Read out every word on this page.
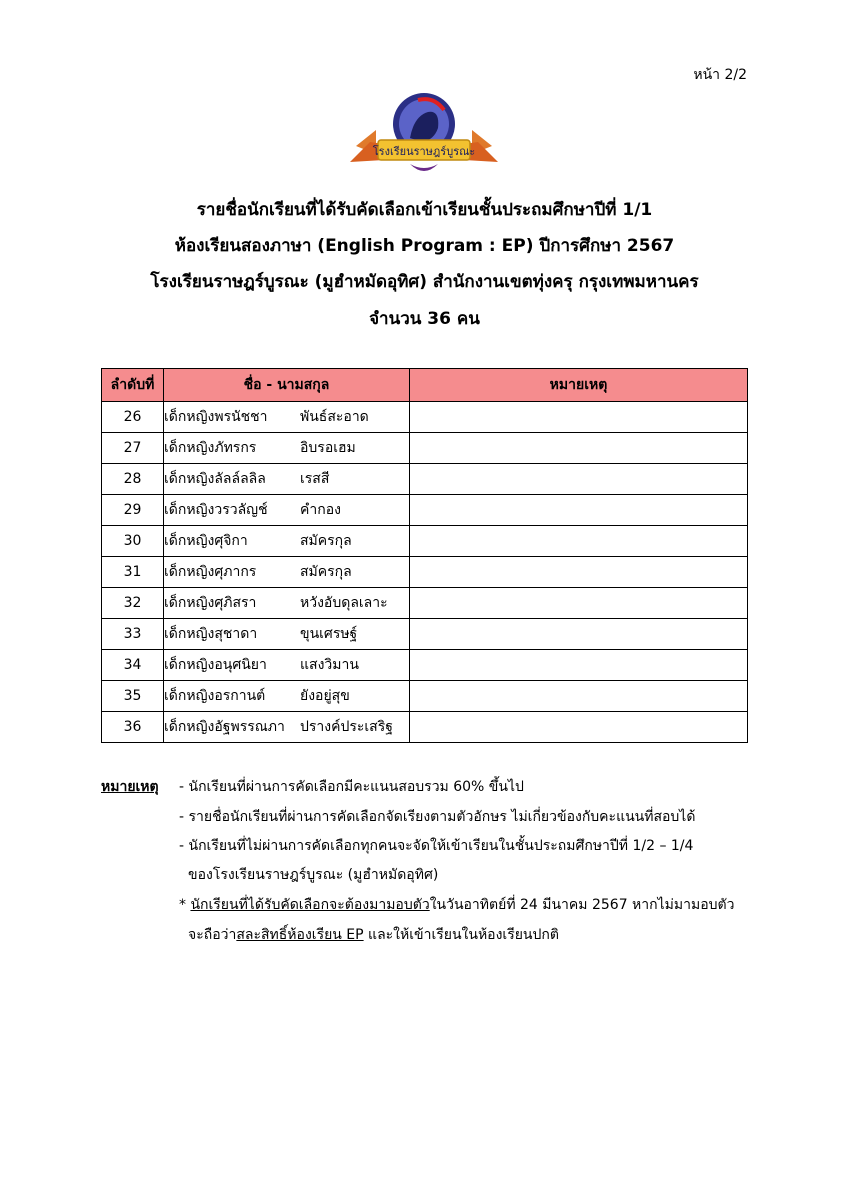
หน้า 2/2
โรงเรียนราษฎร์บูรณะ
รายชื่อนักเรียนที่ได้รับคัดเลือกเข้าเรียนชั้นประถมศึกษาปีที่ 1/1
ห้องเรียนสองภาษา (English Program : EP) ปีการศึกษา 2567
โรงเรียนราษฎร์บูรณะ (มูฮำหมัดอุทิศ) สำนักงานเขตทุ่งครุ กรุงเทพมหานคร
จำนวน 36 คน
ลำดับที่	ชื่อ - นามสกุล	หมายเหตุ
26	เด็กหญิงพรนัชชา พันธ์สะอาด	
27	เด็กหญิงภัทรกร อิบรอเฮม	
28	เด็กหญิงลัลล์ลลิล เรสสี	
29	เด็กหญิงวรวลัญช์ คำกอง	
30	เด็กหญิงศุจิกา สมัครกุล	
31	เด็กหญิงศุภากร สมัครกุล	
32	เด็กหญิงศุภิสรา หวังอับดุลเลาะ	
33	เด็กหญิงสุชาดา ขุนเศรษฐ์	
34	เด็กหญิงอนุศนิยา แสงวิมาน	
35	เด็กหญิงอรกานต์ ยังอยู่สุข	
36	เด็กหญิงอัฐพรรณภา ปรางค์ประเสริฐ	
หมายเหตุ - นักเรียนที่ผ่านการคัดเลือกมีคะแนนสอบรวม 60% ขึ้นไป
- รายชื่อนักเรียนที่ผ่านการคัดเลือกจัดเรียงตามตัวอักษร ไม่เกี่ยวข้องกับคะแนนที่สอบได้
- นักเรียนที่ไม่ผ่านการคัดเลือกทุกคนจะจัดให้เข้าเรียนในชั้นประถมศึกษาปีที่ 1/2 – 1/4
ของโรงเรียนราษฎร์บูรณะ (มูฮำหมัดอุทิศ)
* นักเรียนที่ได้รับคัดเลือกจะต้องมามอบตัวในวันอาทิตย์ที่ 24 มีนาคม 2567 หากไม่มามอบตัว
จะถือว่าสละสิทธิ์ห้องเรียน EP และให้เข้าเรียนในห้องเรียนปกติ
